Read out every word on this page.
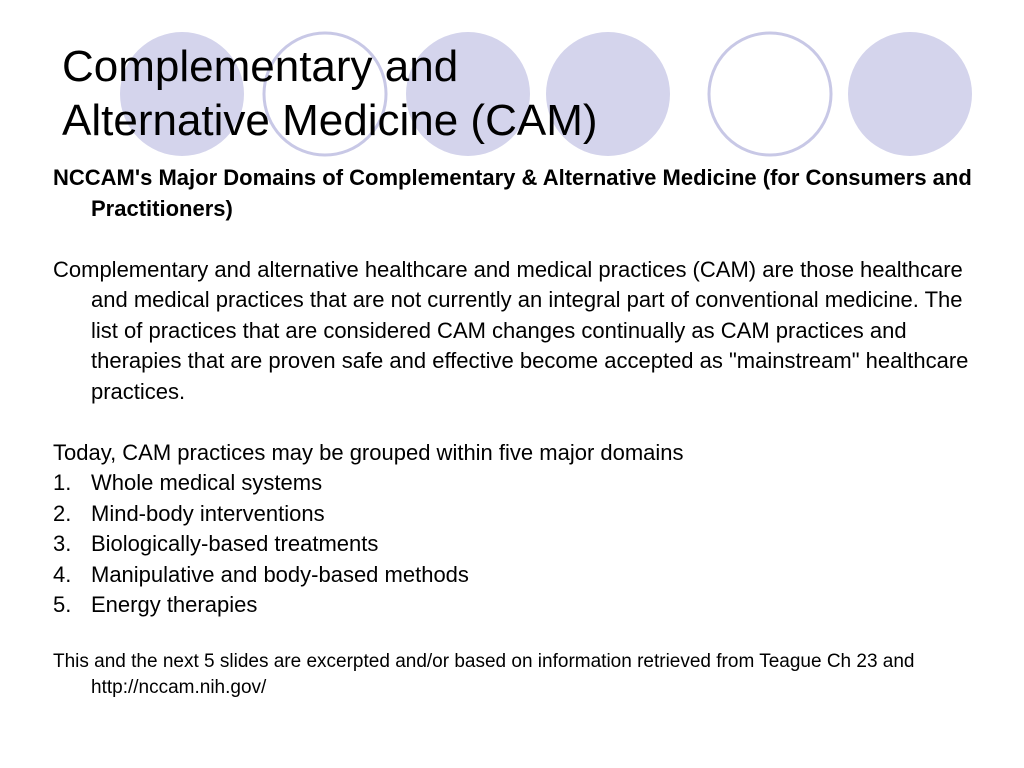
Complementary and
Alternative Medicine (CAM)

NCCAM's Major Domains of Complementary & Alternative Medicine (for Consumers and Practitioners)

Complementary and alternative healthcare and medical practices (CAM) are those healthcare and medical practices that are not currently an integral part of conventional medicine. The list of practices that are considered CAM changes continually as CAM practices and therapies that are proven safe and effective become accepted as "mainstream" healthcare practices.

Today, CAM practices may be grouped within five major domains

1. Whole medical systems
2. Mind-body interventions
3. Biologically-based treatments
4. Manipulative and body-based methods
5. Energy therapies

This and the next 5 slides are excerpted and/or based on information retrieved from Teague Ch 23 and http://nccam.nih.gov/
